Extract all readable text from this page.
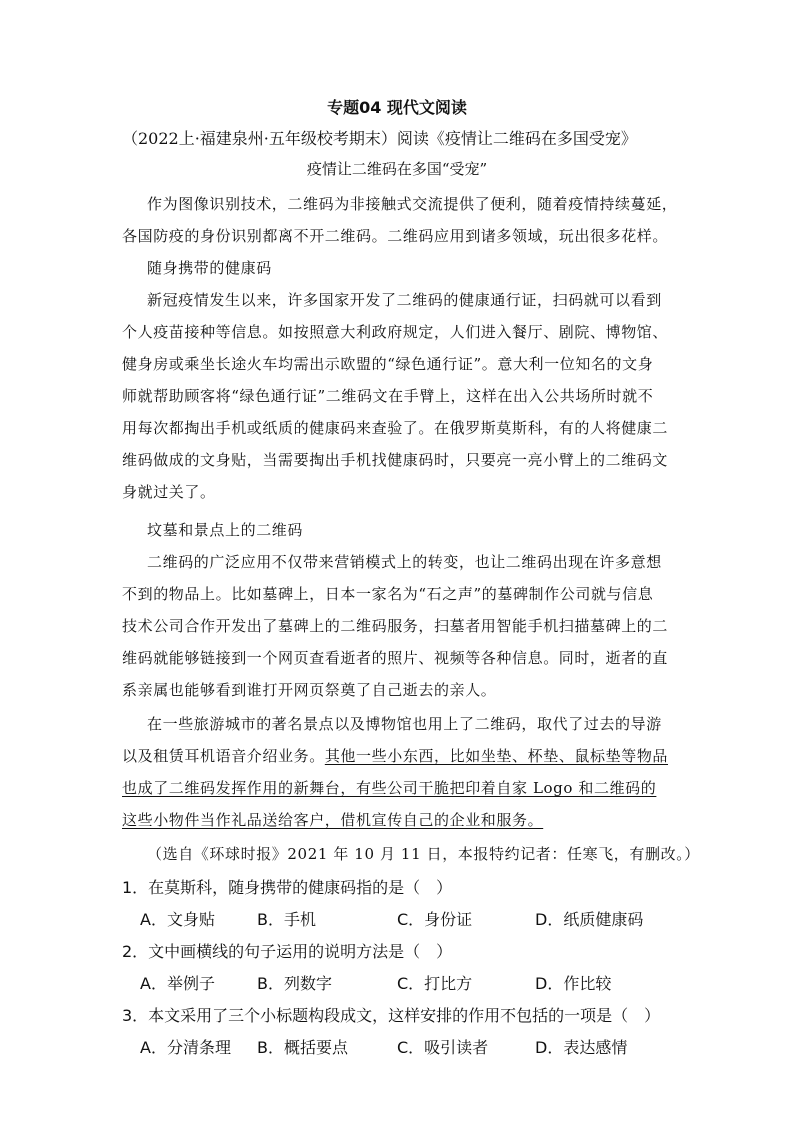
专题04 现代文阅读
（2022上·福建泉州·五年级校考期末）阅读《疫情让二维码在多国受宠》
疫情让二维码在多国“受宠”
作为图像识别技术，二维码为非接触式交流提供了便利，随着疫情持续蔓延，
各国防疫的身份识别都离不开二维码。二维码应用到诸多领域，玩出很多花样。
随身携带的健康码
新冠疫情发生以来，许多国家开发了二维码的健康通行证，扫码就可以看到
个人疫苗接种等信息。如按照意大利政府规定，人们进入餐厅、剧院、博物馆、
健身房或乘坐长途火车均需出示欧盟的“绿色通行证”。意大利一位知名的文身
师就帮助顾客将“绿色通行证”二维码文在手臂上，这样在出入公共场所时就不
用每次都掏出手机或纸质的健康码来查验了。在俄罗斯莫斯科，有的人将健康二
维码做成的文身贴，当需要掏出手机找健康码时，只要亮一亮小臂上的二维码文
身就过关了。
坟墓和景点上的二维码
二维码的广泛应用不仅带来营销模式上的转变，也让二维码出现在许多意想
不到的物品上。比如墓碑上，日本一家名为“石之声”的墓碑制作公司就与信息
技术公司合作开发出了墓碑上的二维码服务，扫墓者用智能手机扫描墓碑上的二
维码就能够链接到一个网页查看逝者的照片、视频等各种信息。同时，逝者的直
系亲属也能够看到谁打开网页祭奠了自己逝去的亲人。
在一些旅游城市的著名景点以及博物馆也用上了二维码，取代了过去的导游
以及租赁耳机语音介绍业务。其他一些小东西，比如坐垫、杯垫、鼠标垫等物品
也成了二维码发挥作用的新舞台，有些公司干脆把印着自家 Logo 和二维码的
这些小物件当作礼品送给客户，借机宣传自己的企业和服务。
（选自《环球时报》2021 年 10 月 11 日，本报特约记者：任寒飞，有删改。）
1．在莫斯科，随身携带的健康码指的是（　）
A．文身贴	B．手机	C．身份证	D．纸质健康码
2．文中画横线的句子运用的说明方法是（　）
A．举例子	B．列数字	C．打比方	D．作比较
3．本文采用了三个小标题构段成文，这样安排的作用不包括的一项是（　）
A．分清条理 B．概括要点	C．吸引读者	D．表达感情
